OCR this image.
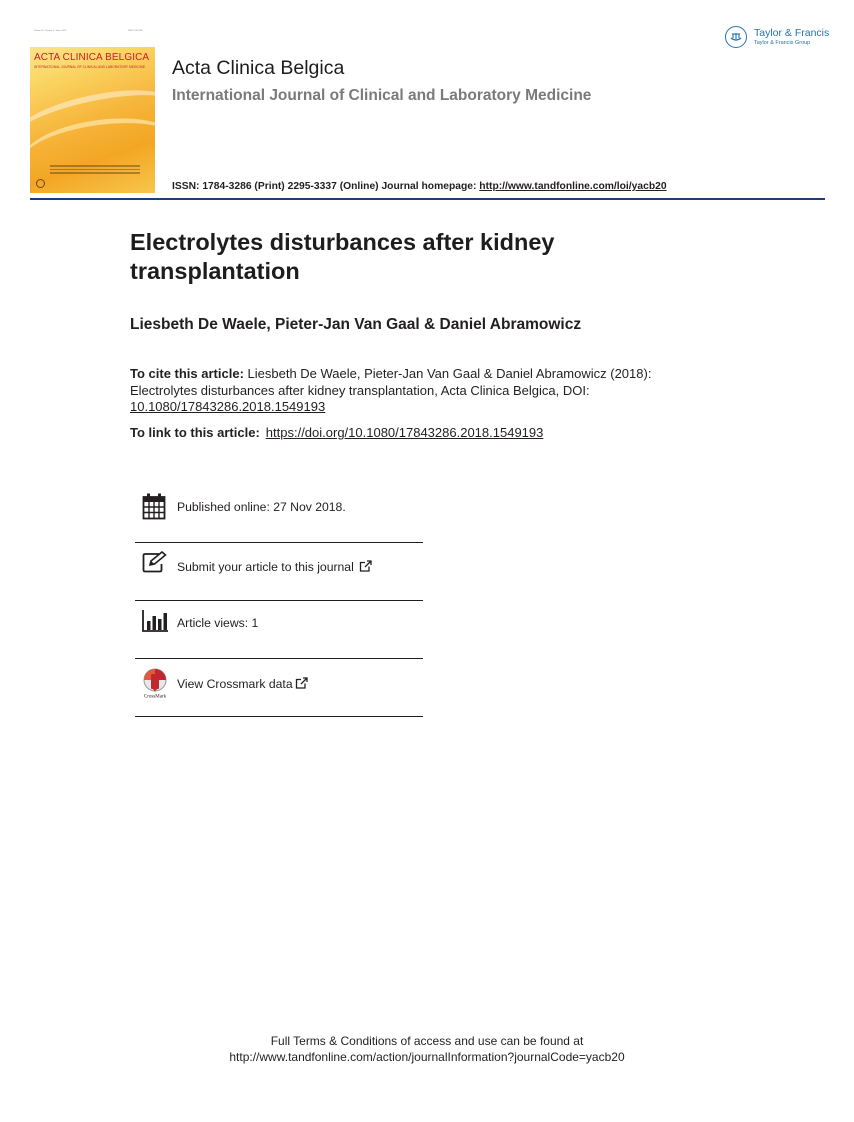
Volume 00 · Number 0 · Month 2018	ISSN 1784-3286
ACTA CLINICA BELGICA
INTERNATIONAL JOURNAL OF CLINICAL AND LABORATORY MEDICINE Acta Clinica Belgica
International Journal of Clinical and Laboratory Medicine
ISSN: 1784-3286 (Print) 2295-3337 (Online) Journal homepage: http://www.tandfonline.com/loi/yacb20
Taylor & Francis
Taylor & Francis Group
Electrolytes disturbances after kidney transplantation
Liesbeth De Waele, Pieter-Jan Van Gaal & Daniel Abramowicz
To cite this article: Liesbeth De Waele, Pieter-Jan Van Gaal & Daniel Abramowicz (2018): Electrolytes disturbances after kidney transplantation, Acta Clinica Belgica, DOI: 10.1080/17843286.2018.1549193
To link to this article: https://doi.org/10.1080/17843286.2018.1549193
Published online: 27 Nov 2018.
Submit your article to this journal
Article views: 1
CrossMark
View Crossmark data
Full Terms & Conditions of access and use can be found at
http://www.tandfonline.com/action/journalInformation?journalCode=yacb20
